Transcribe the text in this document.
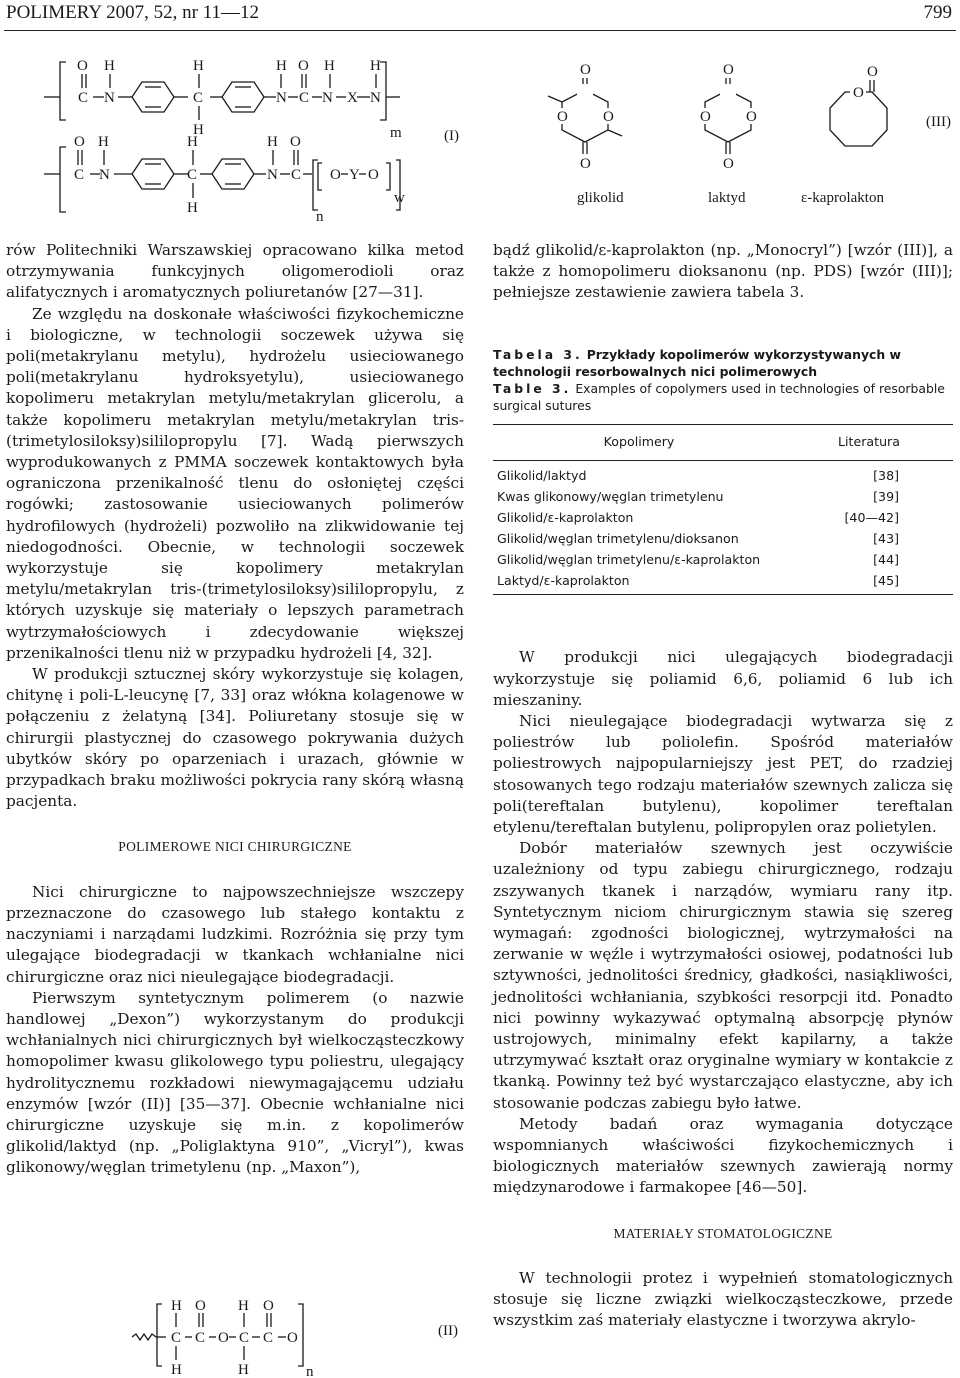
POLIMERY 2007, 52, nr 11—12	799
O H
C N
H
C
H
H O H H
N C N X N
m	(I)
O H
C N
H
C
H
H O
N C O Y O
w
n
O
O
O
O
O
O
O
O
O
O
(III)
glikolid	laktyd	ε-kaprolakton

rów Politechniki Warszawskiej opracowano kilka metod otrzymywania funkcyjnych oligomerodioli oraz alifatycznych i aromatycznych poliuretanów [27—31].

Ze względu na doskonałe właściwości fizykochemiczne i biologiczne, w technologii soczewek używa się poli(metakrylanu metylu), hydrożelu usieciowanego poli(metakrylanu hydroksyetylu), usieciowanego kopolimeru metakrylan metylu/metakrylan glicerolu, a także kopolimeru metakrylan metylu/metakrylan tris-(trimetylosiloksy)sililopropylu [7]. Wadą pierwszych wyprodukowanych z PMMA soczewek kontaktowych była ograniczona przenikalność tlenu do osłoniętej części rogówki; zastosowanie usieciowanych polimerów hydrofilowych (hydrożeli) pozwoliło na zlikwidowanie tej niedogodności. Obecnie, w technologii soczewek wykorzystuje się kopolimery metakrylan metylu/metakrylan tris-(trimetylosiloksy)sililopropylu, z których uzyskuje się materiały o lepszych parametrach wytrzymałościowych i zdecydowanie większej przenikalności tlenu niż w przypadku hydrożeli [4, 32].

W produkcji sztucznej skóry wykorzystuje się kolagen, chitynę i poli-L-leucynę [7, 33] oraz włókna kolagenowe w połączeniu z żelatyną [34]. Poliuretany stosuje się w chirurgii plastycznej do czasowego pokrywania dużych ubytków skóry po oparzeniach i urazach, głównie w przypadkach braku możliwości pokrycia rany skórą własną pacjenta.

POLIMEROWE NICI CHIRURGICZNE

Nici chirurgiczne to najpowszechniejsze wszczepy przeznaczone do czasowego lub stałego kontaktu z naczyniami i narządami ludzkimi. Rozróżnia się przy tym ulegające biodegradacji w tkankach wchłanialne nici chirurgiczne oraz nici nieulegające biodegradacji.

Pierwszym syntetycznym polimerem (o nazwie handlowej „Dexon”) wykorzystanym do produkcji wchłanialnych nici chirurgicznych był wielkocząsteczkowy homopolimer kwasu glikolowego typu poliestru, ulegający hydrolitycznemu rozkładowi niewymagającemu udziału enzymów [wzór (II)] [35—37]. Obecnie wchłanialne nici chirurgiczne uzyskuje się m.in. z kopolimerów glikolid/laktyd (np. „Poliglaktyna 910”, „Vicryl”), kwas glikonowy/węglan trimetylenu (np. „Maxon”),

H O H O
C C O C C O
H	H	n
(II)

bądź glikolid/ε-kaprolakton (np. „Monocryl”) [wzór (III)], a także z homopolimeru dioksanonu (np. PDS) [wzór (III)]; pełniejsze zestawienie zawiera tabela 3.

Tabela 3. Przykłady kopolimerów wykorzystywanych w technologii resorbowalnych nici polimerowych

Table 3. Examples of copolymers used in technologies of resorbable surgical sutures

Kopolimery	Literatura
Glikolid/laktyd	[38]
Kwas glikonowy/węglan trimetylenu	[39]
Glikolid/ε-kaprolakton	[40—42]
Glikolid/węglan trimetylenu/dioksanon	[43]
Glikolid/węglan trimetylenu/ε-kaprolakton	[44]
Laktyd/ε-kaprolakton	[45]

W produkcji nici ulegających biodegradacji wykorzystuje się poliamid 6,6, poliamid 6 lub ich mieszaniny.

Nici nieulegające biodegradacji wytwarza się z poliestrów lub poliolefin. Spośród materiałów poliestrowych najpopularniejszy jest PET, do rzadziej stosowanych tego rodzaju materiałów szewnych zalicza się poli(tereftalan butylenu), kopolimer tereftalan etylenu/tereftalan butylenu, polipropylen oraz polietylen.

Dobór materiałów szewnych jest oczywiście uzależniony od typu zabiegu chirurgicznego, rodzaju zszywanych tkanek i narządów, wymiaru rany itp. Syntetycznym niciom chirurgicznym stawia się szereg wymagań: zgodności biologicznej, wytrzymałości na zerwanie w węźle i wytrzymałości osiowej, podatności lub sztywności, jednolitości średnicy, gładkości, nasiąkliwości, jednolitości wchłaniania, szybkości resorpcji itd. Ponadto nici powinny wykazywać optymalną absorpcję płynów ustrojowych, minimalny efekt kapilarny, a także utrzymywać kształt oraz oryginalne wymiary w kontakcie z tkanką. Powinny też być wystarczająco elastyczne, aby ich stosowanie podczas zabiegu było łatwe.

Metody badań oraz wymagania dotyczące wspomnianych właściwości fizykochemicznych i biologicznych materiałów szewnych zawierają normy międzynarodowe i farmakopee [46—50].

MATERIAŁY STOMATOLOGICZNE

W technologii protez i wypełnień stomatologicznych stosuje się liczne związki wielkocząsteczkowe, przede wszystkim zaś materiały elastyczne i tworzywa akrylo-
